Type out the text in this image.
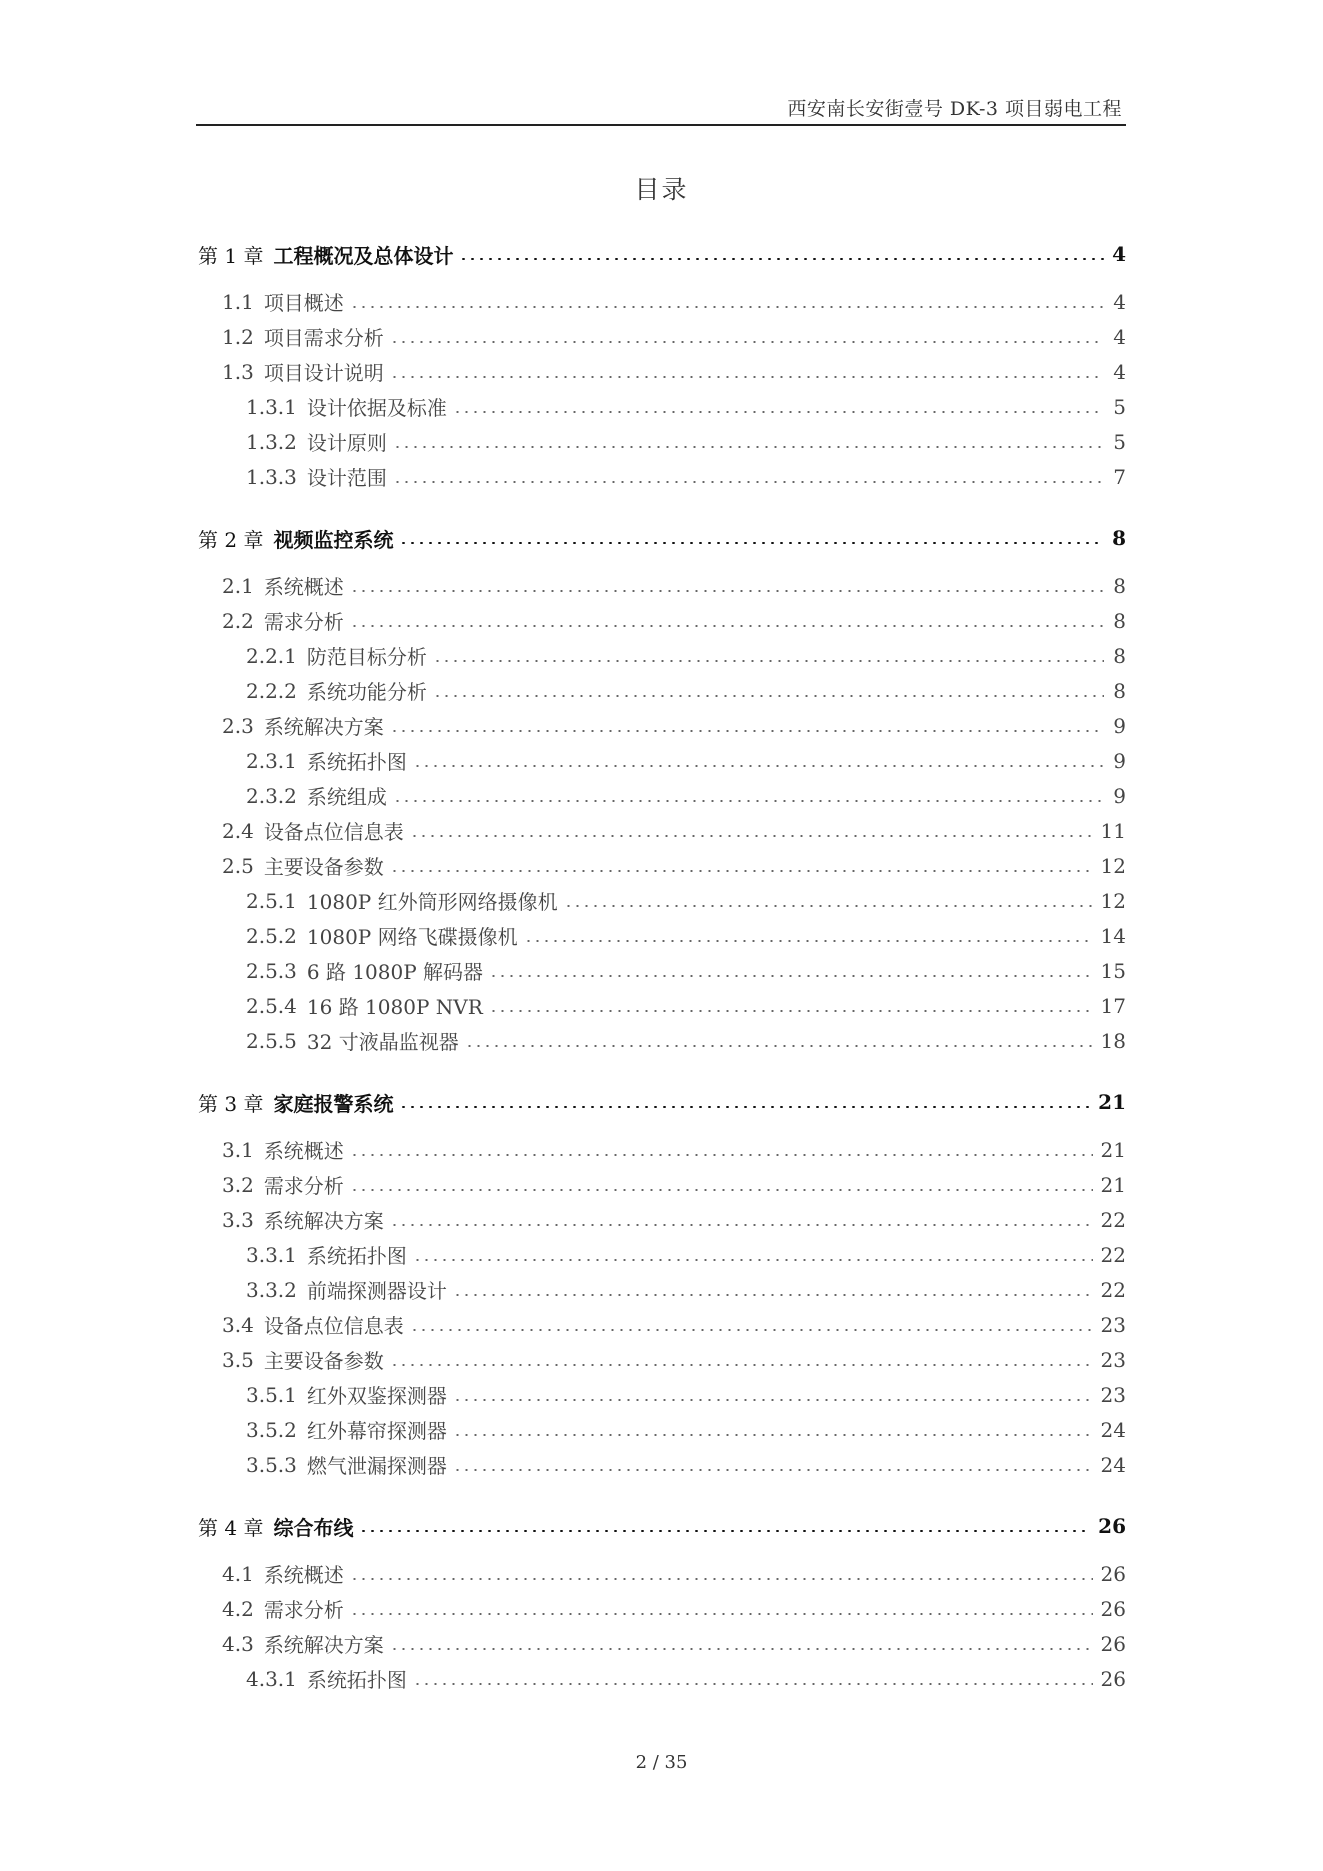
西安南长安街壹号 DK-3 项目弱电工程
目录
第 1 章 工程概况及总体设计	4
1.1 项目概述	4
1.2 项目需求分析	4
1.3 项目设计说明	4
1.3.1 设计依据及标准	5
1.3.2 设计原则	5
1.3.3 设计范围	7
第 2 章 视频监控系统	8
2.1 系统概述	8
2.2 需求分析	8
2.2.1 防范目标分析	8
2.2.2 系统功能分析	8
2.3 系统解决方案	9
2.3.1 系统拓扑图	9
2.3.2 系统组成	9
2.4 设备点位信息表	11
2.5 主要设备参数	12
2.5.1 1080P 红外筒形网络摄像机	12
2.5.2 1080P 网络飞碟摄像机	14
2.5.3 6 路 1080P 解码器	15
2.5.4 16 路 1080P NVR	17
2.5.5 32 寸液晶监视器	18
第 3 章 家庭报警系统	21
3.1 系统概述	21
3.2 需求分析	21
3.3 系统解决方案	22
3.3.1 系统拓扑图	22
3.3.2 前端探测器设计	22
3.4 设备点位信息表	23
3.5 主要设备参数	23
3.5.1 红外双鉴探测器	23
3.5.2 红外幕帘探测器	24
3.5.3 燃气泄漏探测器	24
第 4 章 综合布线	26
4.1 系统概述	26
4.2 需求分析	26
4.3 系统解决方案	26
4.3.1 系统拓扑图	26
2 / 35
